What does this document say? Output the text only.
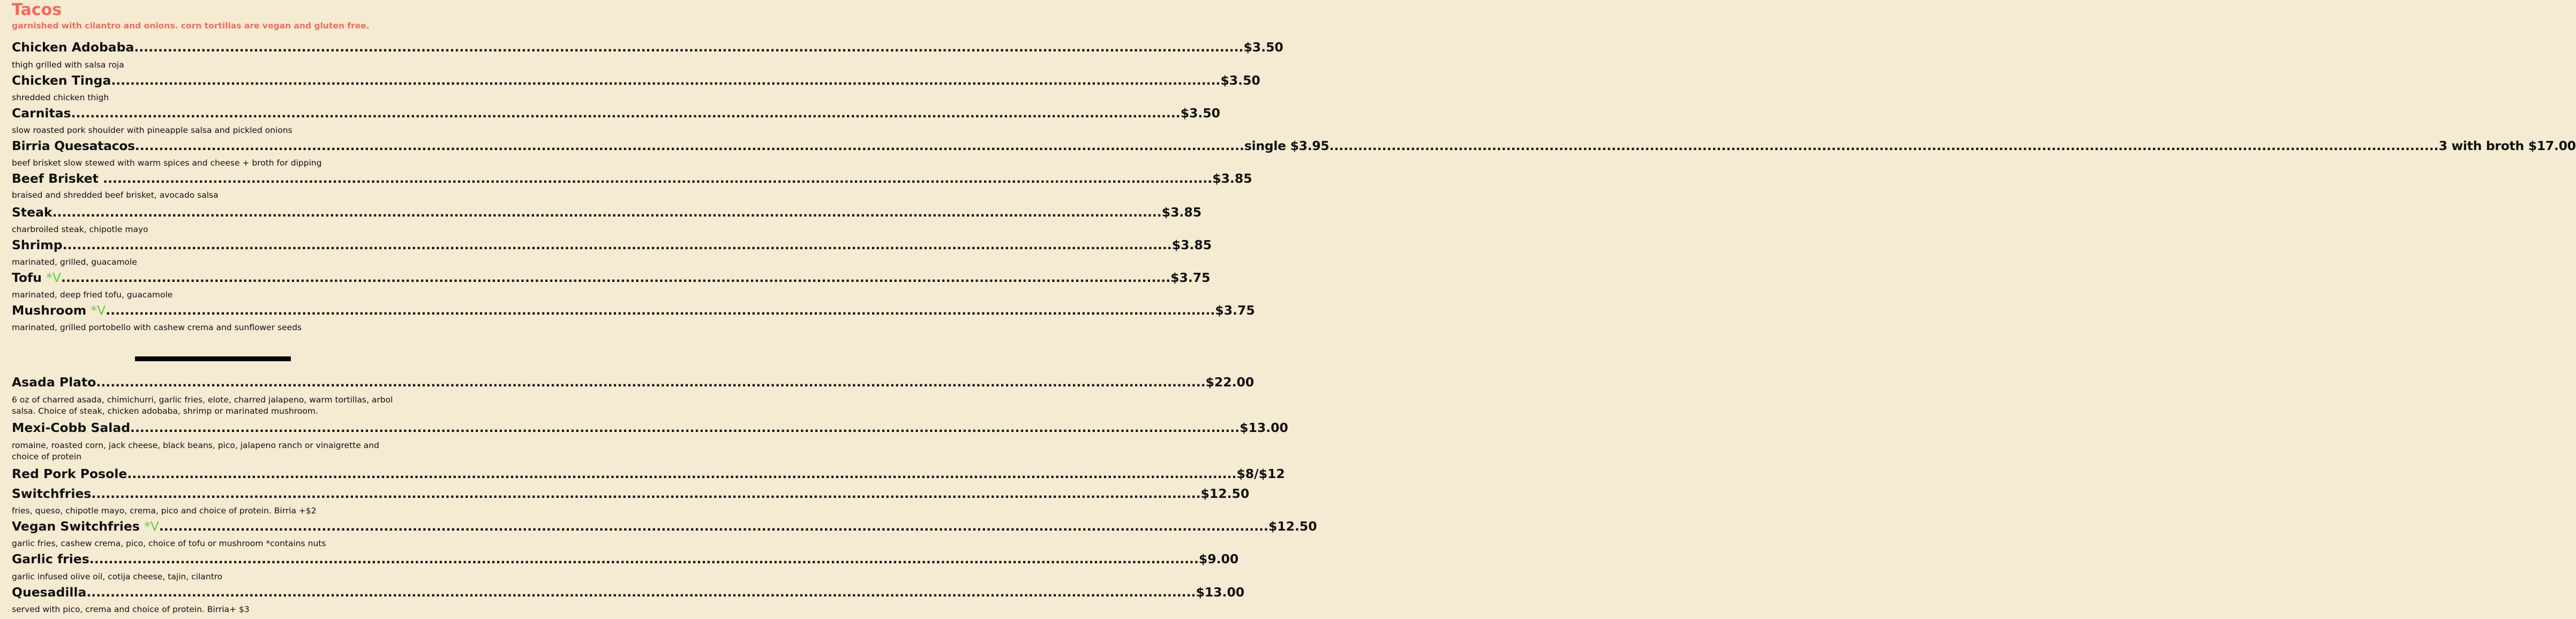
Tacos
garnished with cilantro and onions. corn tortillas are vegan and gluten free.
Chicken Adobaba .....	$3.50
thigh grilled with salsa roja
Chicken Tinga .....	$3.50
shredded chicken thigh
Carnitas .....	$3.50
slow roasted pork shoulder with pineapple salsa and pickled onions
Birria Quesatacos .....	single $3.95 .....	3 with broth $17.00
beef brisket slow stewed with warm spices and cheese + broth for dipping
Beef Brisket .....	$3.85
braised and shredded beef brisket, avocado salsa
Steak .....	$3.85
charbroiled steak, chipotle mayo
Shrimp .....	$3.85
marinated, grilled, guacamole
Tofu *V .....	$3.75
marinated, deep fried tofu, guacamole
Mushroom *V .....	$3.75
marinated, grilled portobello with cashew crema and sunflower seeds
Asada Plato .....	$22.00
6 oz of charred asada, chimichurri, garlic fries, elote, charred jalapeno, warm tortillas, arbol salsa. Choice of steak, chicken adobaba, shrimp or marinated mushroom.
Mexi-Cobb Salad .....	$13.00
romaine, roasted corn, jack cheese, black beans, pico, jalapeno ranch or vinaigrette and choice of protein
Red Pork Posole .....	$8/$12
Switchfries .....	$12.50
fries, queso, chipotle mayo, crema, pico and choice of protein. Birria +$2
Vegan Switchfries *V .....	$12.50
garlic fries, cashew crema, pico, choice of tofu or mushroom *contains nuts
Garlic fries .....	$9.00
garlic infused olive oil, cotija cheese, tajin, cilantro
Quesadilla .....	$13.00
served with pico, crema and choice of protein. Birria+ $3
